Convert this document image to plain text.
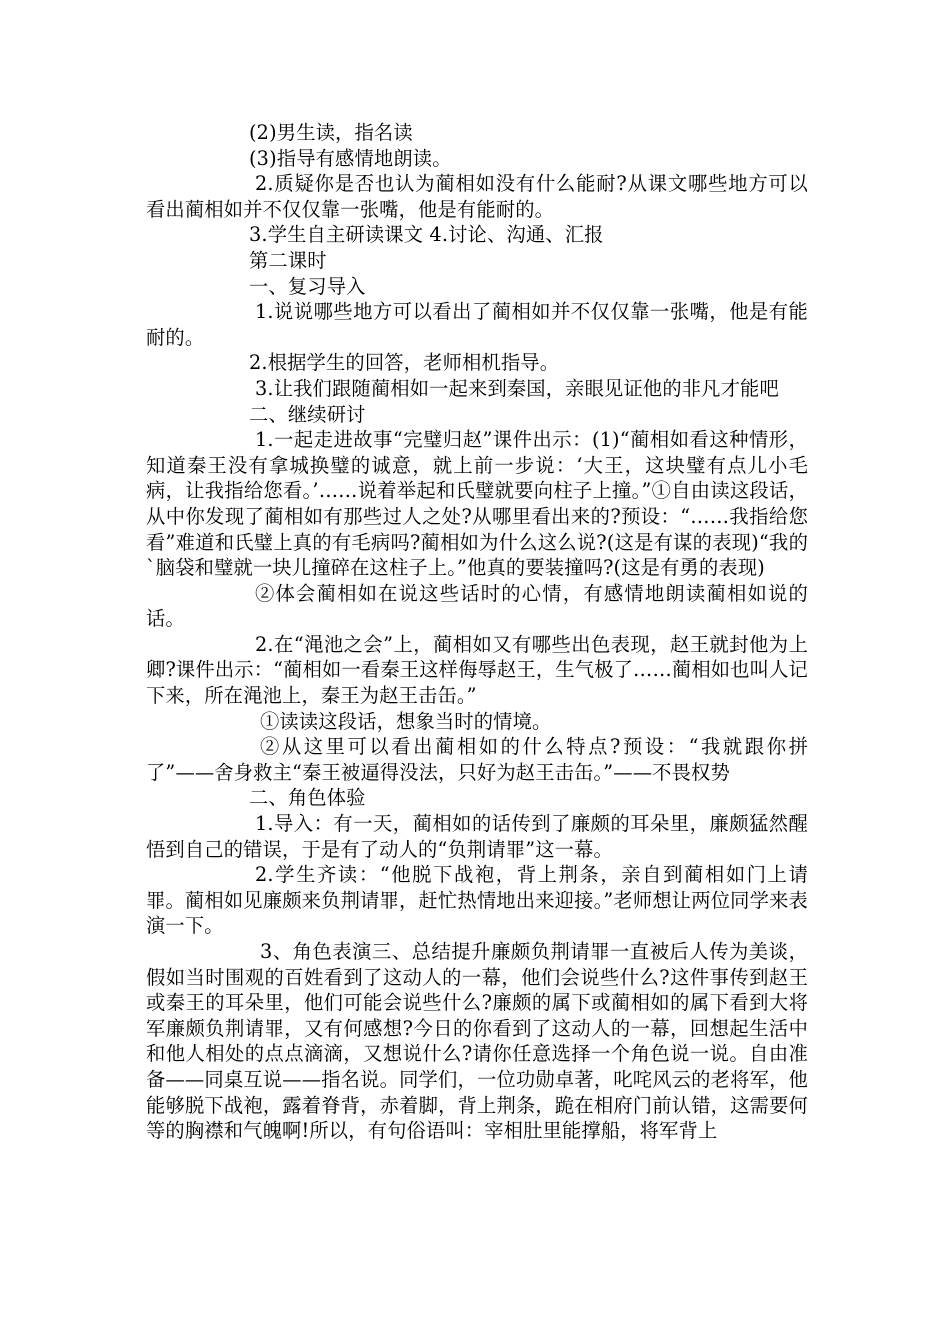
(2)男生读，指名读

(3)指导有感情地朗读。

2.质疑你是否也认为蔺相如没有什么能耐?从课文哪些地方可以看出蔺相如并不仅仅靠一张嘴，他是有能耐的。

3.学生自主研读课文 4.讨论、沟通、汇报

第二课时

一、复习导入

1.说说哪些地方可以看出了蔺相如并不仅仅靠一张嘴，他是有能耐的。

2.根据学生的回答，老师相机指导。

3.让我们跟随蔺相如一起来到秦国，亲眼见证他的非凡才能吧

二、继续研讨

1.一起走进故事“完璧归赵”课件出示：(1)“蔺相如看这种情形，知道秦王没有拿城换璧的诚意，就上前一步说：‘大王，这块璧有点儿小毛病，让我指给您看。’……说着举起和氏璧就要向柱子上撞。”①自由读这段话，从中你发现了蔺相如有那些过人之处?从哪里看出来的?预设：“……我指给您看”难道和氏璧上真的有毛病吗?蔺相如为什么这么说?(这是有谋的表现)“我的`脑袋和璧就一块儿撞碎在这柱子上。”他真的要装撞吗?(这是有勇的表现)

②体会蔺相如在说这些话时的心情，有感情地朗读蔺相如说的话。

2.在“渑池之会”上，蔺相如又有哪些出色表现，赵王就封他为上卿?课件出示：“蔺相如一看秦王这样侮辱赵王，生气极了……蔺相如也叫人记下来，所在渑池上，秦王为赵王击缶。”

①读读这段话，想象当时的情境。

②从这里可以看出蔺相如的什么特点?预设：“我就跟你拼了”——舍身救主“秦王被逼得没法，只好为赵王击缶。”——不畏权势

二、角色体验

1.导入：有一天，蔺相如的话传到了廉颇的耳朵里，廉颇猛然醒悟到自己的错误，于是有了动人的“负荆请罪”这一幕。

2.学生齐读：“他脱下战袍，背上荆条，亲自到蔺相如门上请罪。蔺相如见廉颇来负荆请罪，赶忙热情地出来迎接。”老师想让两位同学来表演一下。

3、角色表演三、总结提升廉颇负荆请罪一直被后人传为美谈，假如当时围观的百姓看到了这动人的一幕，他们会说些什么?这件事传到赵王或秦王的耳朵里，他们可能会说些什么?廉颇的属下或蔺相如的属下看到大将军廉颇负荆请罪，又有何感想?今日的你看到了这动人的一幕，回想起生活中和他人相处的点点滴滴，又想说什么?请你任意选择一个角色说一说。自由准备——同桌互说——指名说。同学们，一位功勋卓著，叱咤风云的老将军，他能够脱下战袍，露着脊背，赤着脚，背上荆条，跪在相府门前认错，这需要何等的胸襟和气魄啊!所以，有句俗语叫：宰相肚里能撑船，将军背上
